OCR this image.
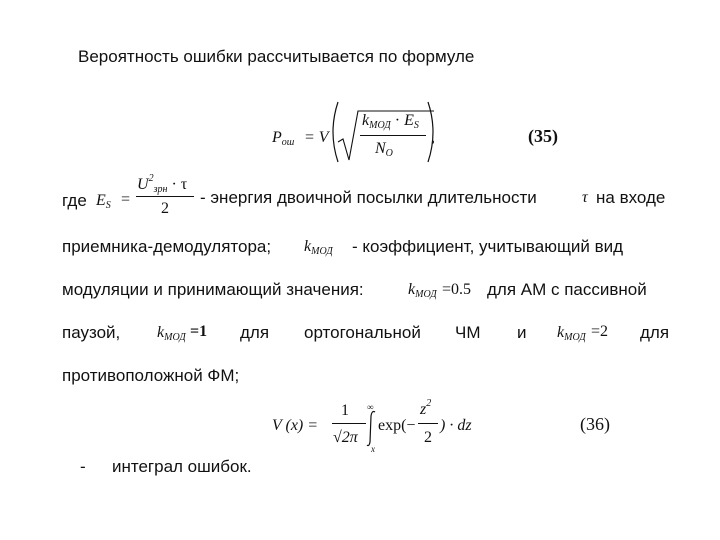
Вероятность ошибки рассчитывается по формуле
$P_{ош} = V$
$k_{МОД} \cdot E_S$
$N_O$
,	(35)
где $E_S$ =
$U^2_{зрн} \cdot \tau$
2
- энергия двоичной посылки длительности	τ на входе
приемника-демодулятора; $k_{МОД}$ - коэффициент, учитывающий вид
модуляции и принимающий значения:	$k_{МОД} =0.5$ для АМ с пассивной
паузой, $k_{МОД} =1$ для ортогональной ЧМ и $k_{МОД} =2$ для
противоположной ФМ;
V (x) =
1
√2π
∞
x
exp(−
$z^2$
2
) · dz	(36)
- интеграл ошибок.
